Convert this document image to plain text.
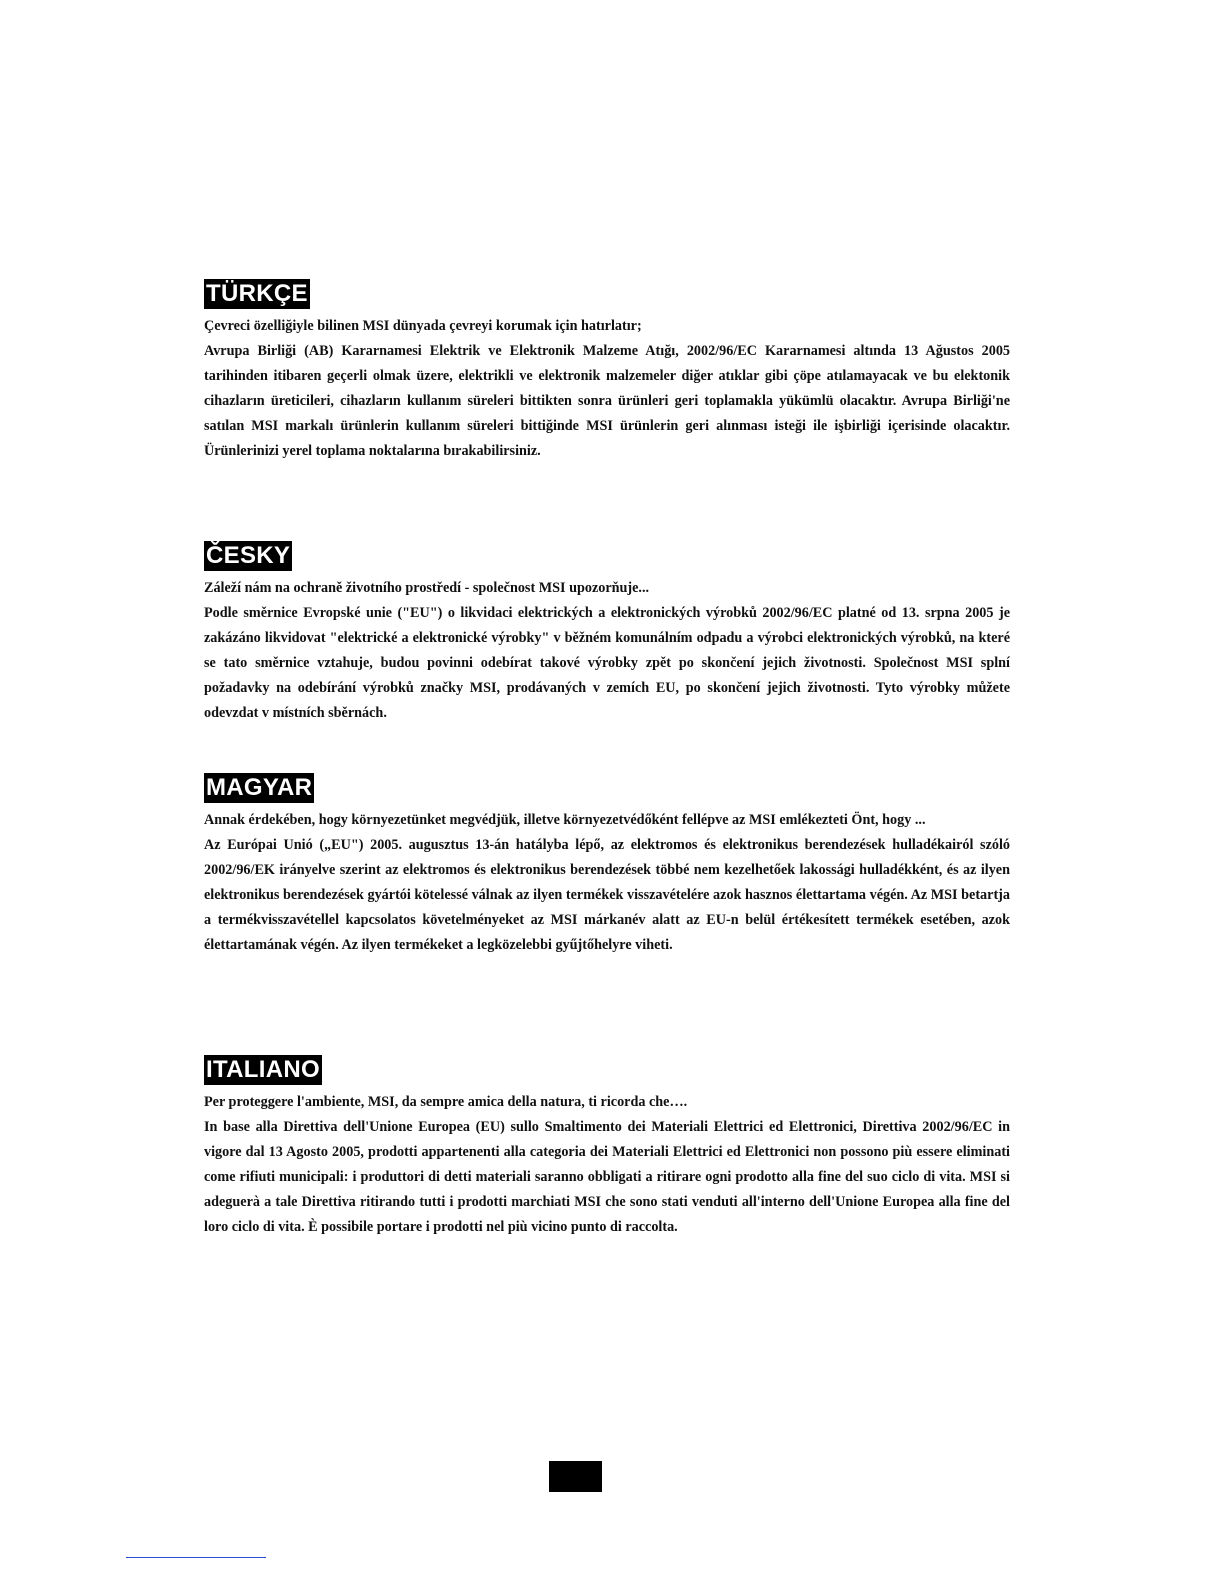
TÜRKÇE

Çevreci özelliğiyle bilinen MSI dünyada çevreyi korumak için hatırlatır;

Avrupa Birliği (AB) Kararnamesi Elektrik ve Elektronik Malzeme Atığı, 2002/96/EC Kararnamesi altında 13 Ağustos 2005 tarihinden itibaren geçerli olmak üzere, elektrikli ve elektronik malzemeler diğer atıklar gibi çöpe atılamayacak ve bu elektonik cihazların üreticileri, cihazların kullanım süreleri bittikten sonra ürünleri geri toplamakla yükümlü olacaktır. Avrupa Birliği'ne satılan MSI markalı ürünlerin kullanım süreleri bittiğinde MSI ürünlerin geri alınması isteği ile işbirliği içerisinde olacaktır. Ürünlerinizi yerel toplama noktalarına bırakabilirsiniz.

ČESKY

Záleží nám na ochraně životního prostředí - společnost MSI upozorňuje...

Podle směrnice Evropské unie ("EU") o likvidaci elektrických a elektronických výrobků 2002/96/EC platné od 13. srpna 2005 je zakázáno likvidovat "elektrické a elektronické výrobky" v běžném komunálním odpadu a výrobci elektronických výrobků, na které se tato směrnice vztahuje, budou povinni odebírat takové výrobky zpět po skončení jejich životnosti. Společnost MSI splní požadavky na odebírání výrobků značky MSI, prodávaných v zemích EU, po skončení jejich životnosti. Tyto výrobky můžete odevzdat v místních sběrnách.

MAGYAR

Annak érdekében, hogy környezetünket megvédjük, illetve környezetvédőként fellépve az MSI emlékezteti Önt, hogy ...

Az Európai Unió („EU") 2005. augusztus 13-án hatályba lépő, az elektromos és elektronikus berendezések hulladékairól szóló 2002/96/EK irányelve szerint az elektromos és elektronikus berendezések többé nem kezelhetőek lakossági hulladékként, és az ilyen elektronikus berendezések gyártói kötelessé válnak az ilyen termékek visszavételére azok hasznos élettartama végén. Az MSI betartja a termékvisszavétellel kapcsolatos követelményeket az MSI márkanév alatt az EU-n belül értékesített termékek esetében, azok élettartamának végén. Az ilyen termékeket a legközelebbi gyűjtőhelyre viheti.

ITALIANO

Per proteggere l'ambiente, MSI, da sempre amica della natura, ti ricorda che….

In base alla Direttiva dell'Unione Europea (EU) sullo Smaltimento dei Materiali Elettrici ed Elettronici, Direttiva 2002/96/EC in vigore dal 13 Agosto 2005, prodotti appartenenti alla categoria dei Materiali Elettrici ed Elettronici non possono più essere eliminati come rifiuti municipali: i produttori di detti materiali saranno obbligati a ritirare ogni prodotto alla fine del suo ciclo di vita. MSI si adeguerà a tale Direttiva ritirando tutti i prodotti marchiati MSI che sono stati venduti all'interno dell'Unione Europea alla fine del loro ciclo di vita. È possibile portare i prodotti nel più vicino punto di raccolta.
